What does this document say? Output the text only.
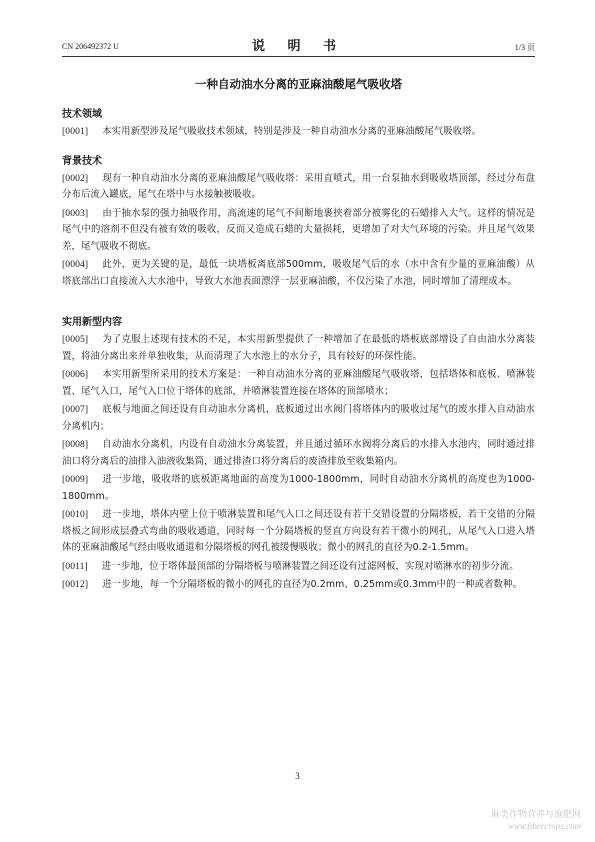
CN 206492372 U	说 明 书	1/3 页
一种自动油水分离的亚麻油酸尾气吸收塔
技术领域

[0001] 本实用新型涉及尾气吸收技术领域，特别是涉及一种自动油水分离的亚麻油酸尾气吸收塔。

背景技术

[0002] 现有一种自动油水分离的亚麻油酸尾气吸收塔：采用直喷式，用一台泵抽水到吸收塔顶部，经过分布盘分布后流入罐底，尾气在塔中与水接触被吸收。

[0003] 由于抽水泵的强力抽吸作用，高流速的尾气不间断地裹挟着部分被雾化的石蜡排入大气。这样的情况是尾气中的溶剂不但没有被有效的吸收，反而又造成石蜡的大量损耗，更增加了对大气环境的污染。并且尾气效果差，尾气吸收不彻底。

[0004] 此外，更为关键的是，最低一块塔板离底部500mm，吸收尾气后的水（水中含有少量的亚麻油酸）从塔底部出口直接流入大水池中，导致大水池表面漂浮一层亚麻油酸，不仅污染了水池，同时增加了清理成本。

实用新型内容

[0005] 为了克服上述现有技术的不足，本实用新型提供了一种增加了在最低的塔板底部增设了自由油水分离装置，将油分离出来并单独收集，从而清理了大水池上的水分子，具有较好的环保性能。

[0006] 本实用新型所采用的技术方案是：一种自动油水分离的亚麻油酸尾气吸收塔，包括塔体和底板、喷淋装置、尾气入口，尾气入口位于塔体的底部，并喷淋装置连接在塔体的顶部喷水；

[0007] 底板与地面之间还设有自动油水分离机，底板通过出水阀门将塔体内的吸收过尾气的废水排入自动油水分离机内；

[0008] 自动油水分离机，内设有自动油水分离装置，并且通过循环水阀将分离后的水排入水池内，同时通过排油口将分离后的油排入油液收集筒，通过排渣口将分离后的废渣排放至收集箱内。

[0009] 进一步地，吸收塔的底板距离地面的高度为1000-1800mm，同时自动油水分离机的高度也为1000-1800mm。

[0010] 进一步地，塔体内壁上位于喷淋装置和尾气入口之间还设有若干交错设置的分隔塔板，若干交错的分隔塔板之间形成层叠式弯曲的吸收通道，同时每一个分隔塔板的竖直方向设有若干微小的网孔，从尾气入口进入塔体的亚麻油酸尾气经由吸收通道和分隔塔板的网孔被缓慢吸收；微小的网孔的直径为0.2-1.5mm。

[0011] 进一步地，位于塔体最顶部的分隔塔板与喷淋装置之间还设有过滤网板，实现对喷淋水的初步分流。

[0012] 进一步地，每一个分隔塔板的微小的网孔的直径为0.2mm、0.25mm或0.3mm中的一种或者数种。

3
麻类作物营养与施肥网
www.fibercrops.com
